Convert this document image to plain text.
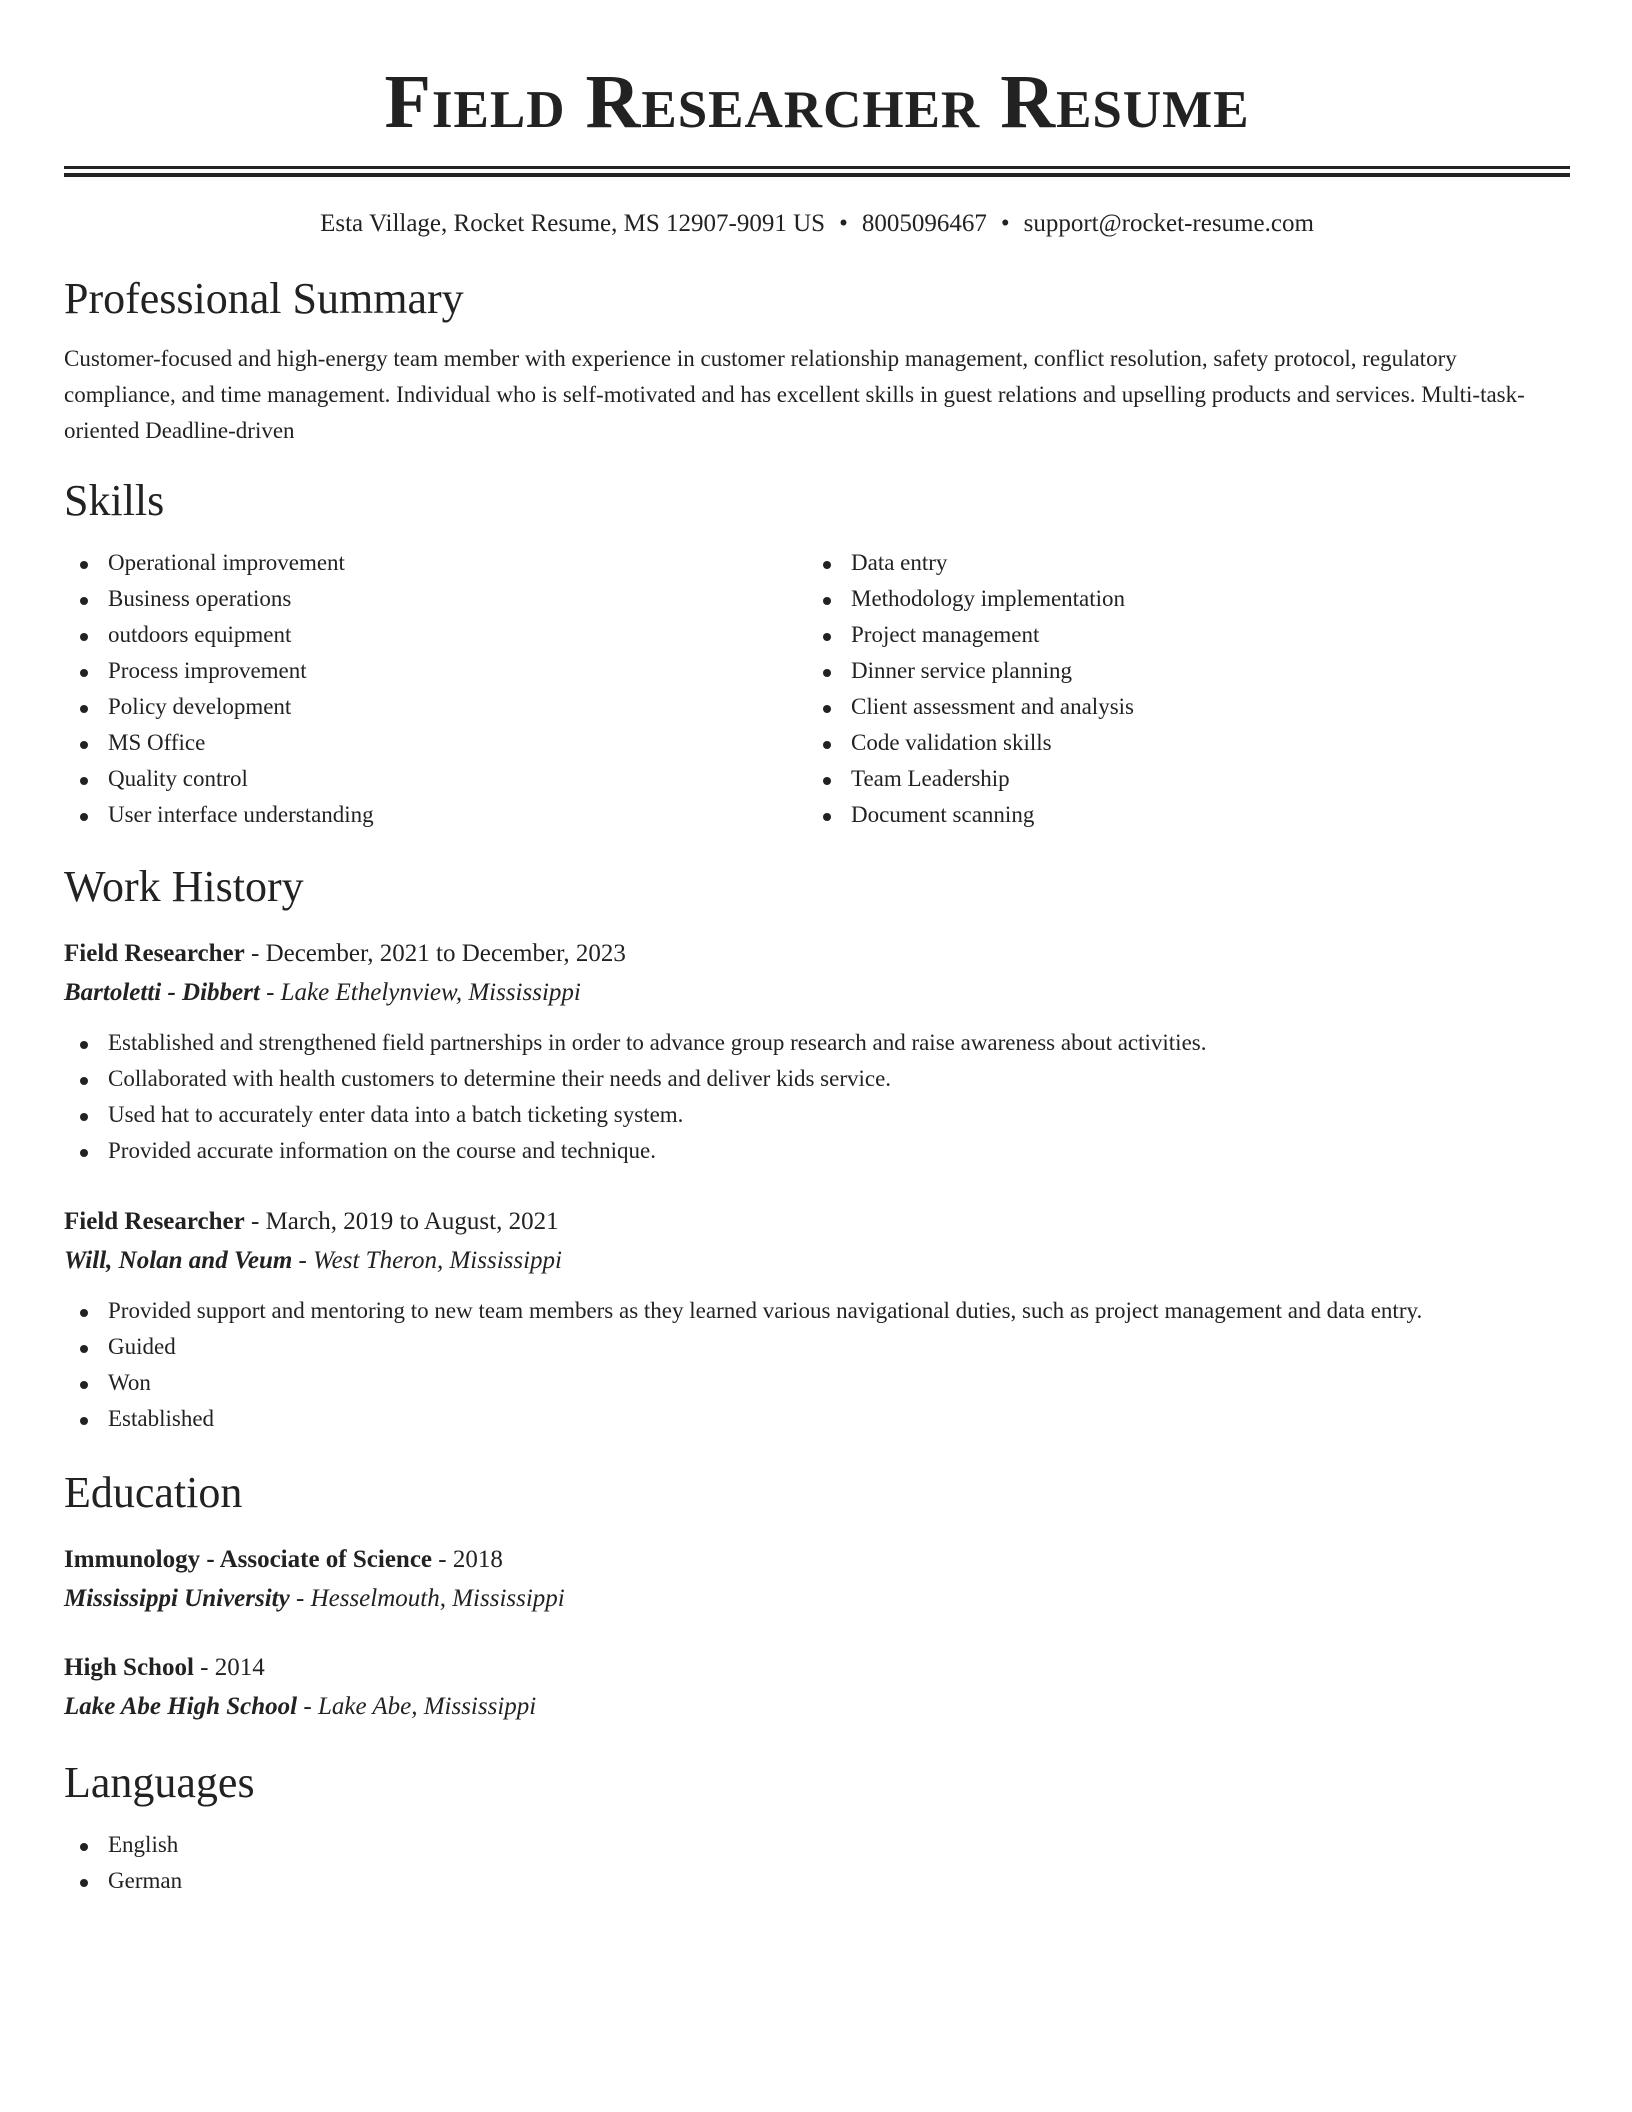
Field Researcher Resume
Esta Village, Rocket Resume, MS 12907-9091 US • 8005096467 • support@rocket-resume.com
Professional Summary
Customer-focused and high-energy team member with experience in customer relationship management, conflict resolution, safety protocol, regulatory compliance, and time management. Individual who is self-motivated and has excellent skills in guest relations and upselling products and services. Multi-task-oriented Deadline-driven
Skills
Operational improvement
Business operations
outdoors equipment
Process improvement
Policy development
MS Office
Quality control
User interface understanding
Data entry
Methodology implementation
Project management
Dinner service planning
Client assessment and analysis
Code validation skills
Team Leadership
Document scanning
Work History
Field Researcher - December, 2021 to December, 2023
Bartoletti - Dibbert - Lake Ethelynview, Mississippi
Established and strengthened field partnerships in order to advance group research and raise awareness about activities.
Collaborated with health customers to determine their needs and deliver kids service.
Used hat to accurately enter data into a batch ticketing system.
Provided accurate information on the course and technique.
Field Researcher - March, 2019 to August, 2021
Will, Nolan and Veum - West Theron, Mississippi
Provided support and mentoring to new team members as they learned various navigational duties, such as project management and data entry.
Guided
Won
Established
Education
Immunology - Associate of Science - 2018
Mississippi University - Hesselmouth, Mississippi
High School - 2014
Lake Abe High School - Lake Abe, Mississippi
Languages
English
German
